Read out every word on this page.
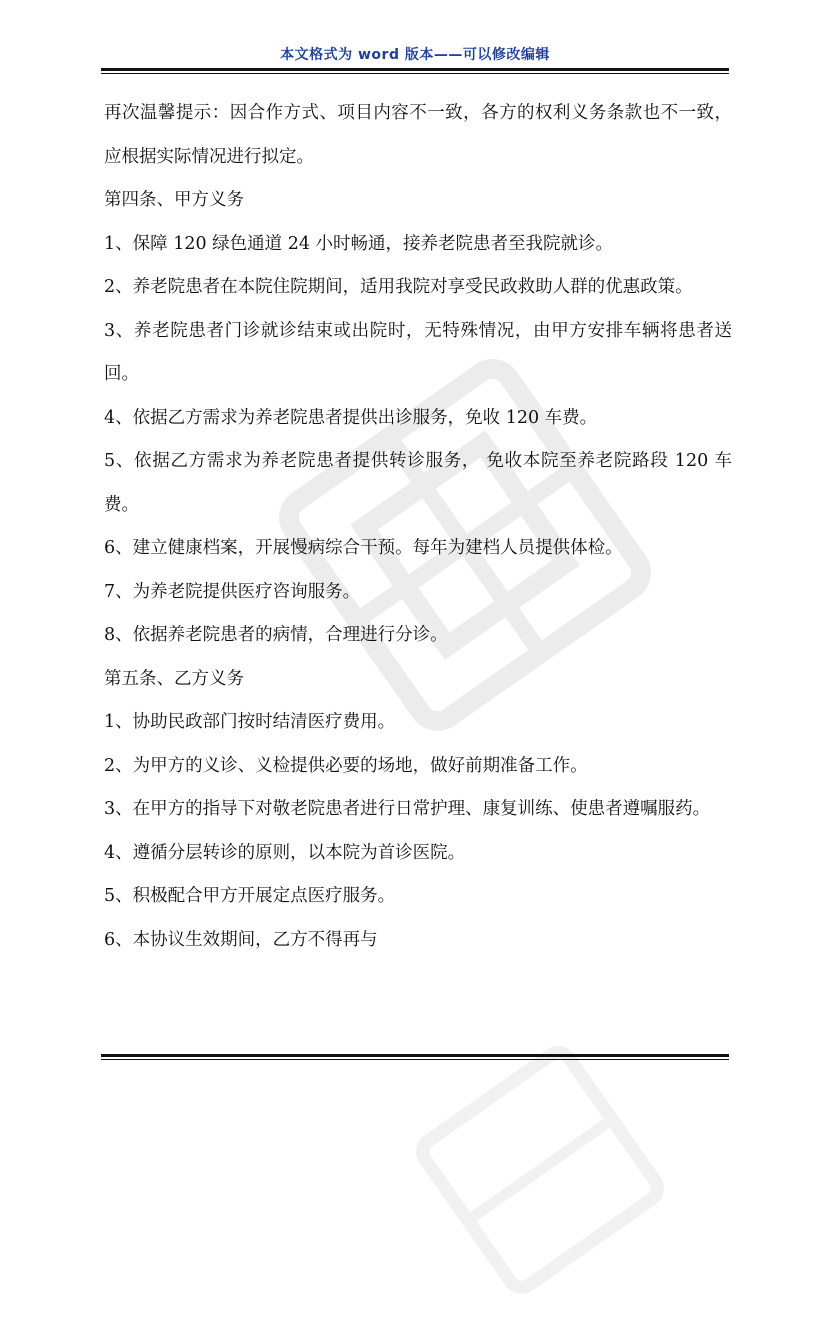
本文格式为 word 版本——可以修改编辑

再次温馨提示：因合作方式、项目内容不一致，各方的权利义务条款也不一致，应根据实际情况进行拟定。

第四条、甲方义务

1、保障 120 绿色通道 24 小时畅通，接养老院患者至我院就诊。

2、养老院患者在本院住院期间，适用我院对享受民政救助人群的优惠政策。

3、养老院患者门诊就诊结束或出院时，无特殊情况，由甲方安排车辆将患者送回。

4、依据乙方需求为养老院患者提供出诊服务，免收 120 车费。

5、依据乙方需求为养老院患者提供转诊服务， 免收本院至养老院路段 120 车费。

6、建立健康档案，开展慢病综合干预。每年为建档人员提供体检。

7、为养老院提供医疗咨询服务。

8、依据养老院患者的病情，合理进行分诊。

第五条、乙方义务

1、协助民政部门按时结清医疗费用。

2、为甲方的义诊、义检提供必要的场地，做好前期准备工作。

3、在甲方的指导下对敬老院患者进行日常护理、康复训练、使患者遵嘱服药。

4、遵循分层转诊的原则，以本院为首诊医院。

5、积极配合甲方开展定点医疗服务。

6、本协议生效期间，乙方不得再与
